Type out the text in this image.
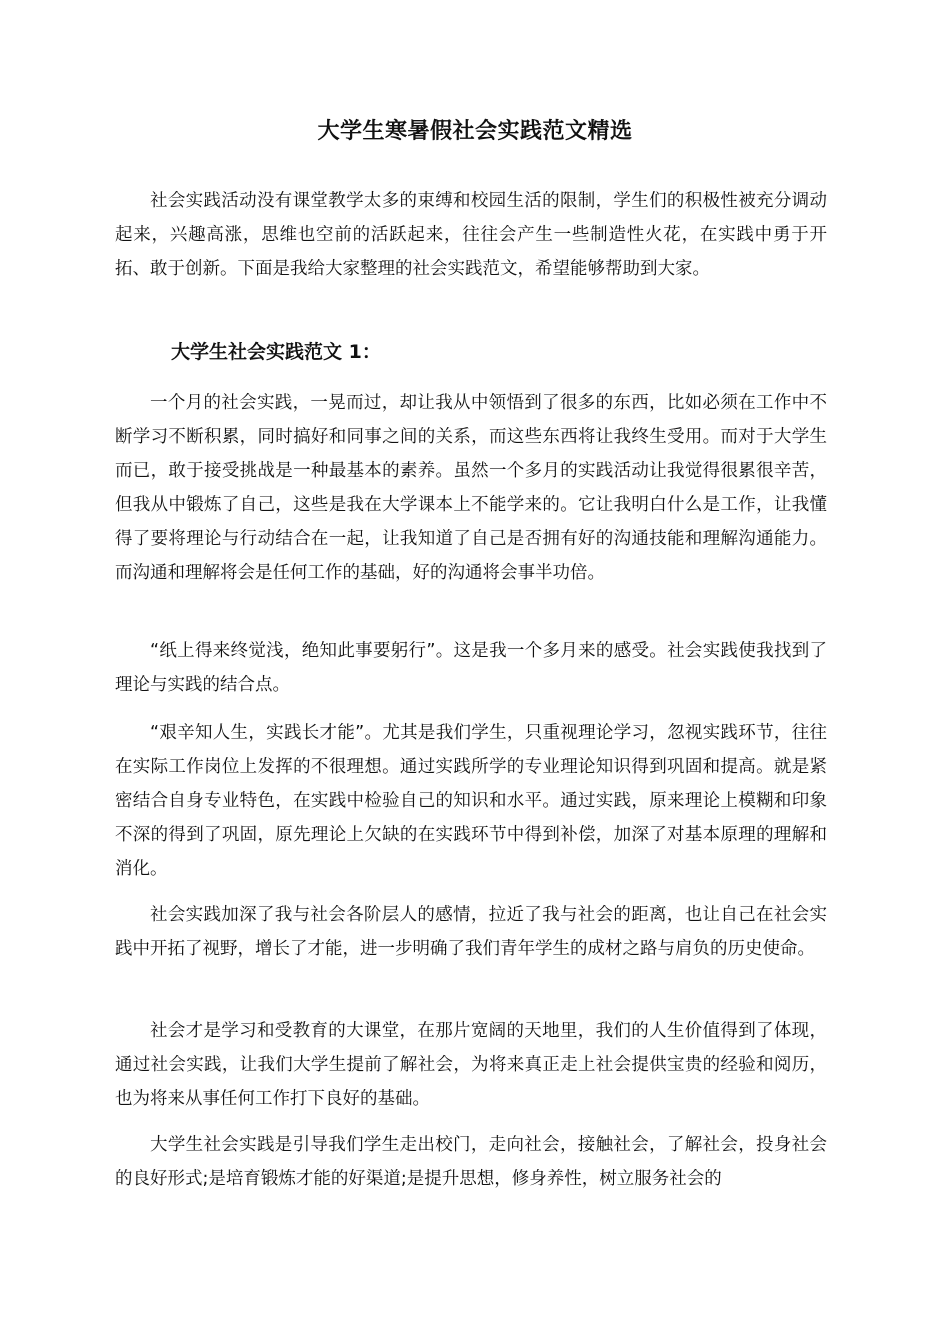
大学生寒暑假社会实践范文精选

社会实践活动没有课堂教学太多的束缚和校园生活的限制，学生们的积极性被充分调动起来，兴趣高涨，思维也空前的活跃起来，往往会产生一些制造性火花，在实践中勇于开拓、敢于创新。下面是我给大家整理的社会实践范文，希望能够帮助到大家。

大学生社会实践范文 1：

一个月的社会实践，一晃而过，却让我从中领悟到了很多的东西，比如必须在工作中不断学习不断积累，同时搞好和同事之间的关系，而这些东西将让我终生受用。而对于大学生而已，敢于接受挑战是一种最基本的素养。虽然一个多月的实践活动让我觉得很累很辛苦，但我从中锻炼了自己，这些是我在大学课本上不能学来的。它让我明白什么是工作，让我懂得了要将理论与行动结合在一起，让我知道了自己是否拥有好的沟通技能和理解沟通能力。而沟通和理解将会是任何工作的基础，好的沟通将会事半功倍。

“纸上得来终觉浅，绝知此事要躬行”。这是我一个多月来的感受。社会实践使我找到了理论与实践的结合点。

“艰辛知人生，实践长才能”。尤其是我们学生，只重视理论学习，忽视实践环节，往往在实际工作岗位上发挥的不很理想。通过实践所学的专业理论知识得到巩固和提高。就是紧密结合自身专业特色，在实践中检验自己的知识和水平。通过实践，原来理论上模糊和印象不深的得到了巩固，原先理论上欠缺的在实践环节中得到补偿，加深了对基本原理的理解和消化。

社会实践加深了我与社会各阶层人的感情，拉近了我与社会的距离，也让自己在社会实践中开拓了视野，增长了才能，进一步明确了我们青年学生的成材之路与肩负的历史使命。

社会才是学习和受教育的大课堂，在那片宽阔的天地里，我们的人生价值得到了体现，通过社会实践，让我们大学生提前了解社会，为将来真正走上社会提供宝贵的经验和阅历，也为将来从事任何工作打下良好的基础。

大学生社会实践是引导我们学生走出校门，走向社会，接触社会，了解社会，投身社会的良好形式;是培育锻炼才能的好渠道;是提升思想，修身养性，树立服务社会的
